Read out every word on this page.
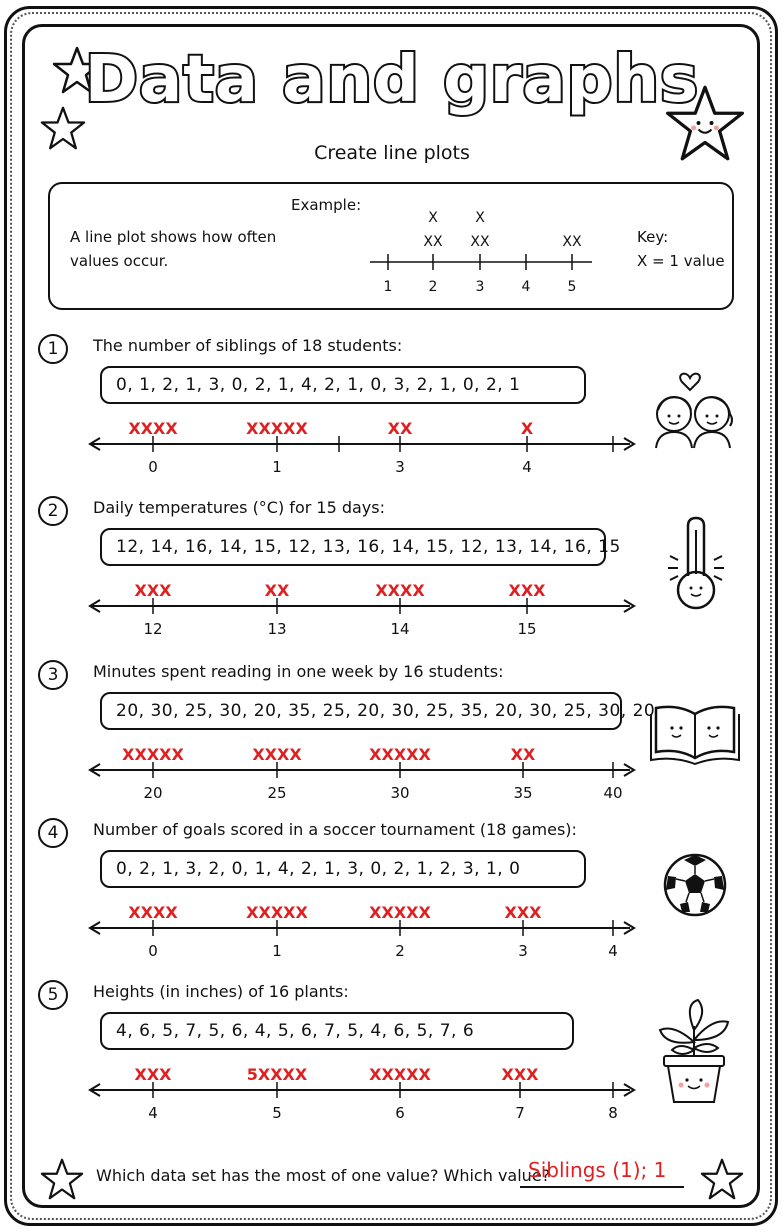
Data and graphs
Create line plots
Example:
A line plot shows how often
values occur.
Key:
X = 1 value
1	2
XX
X
3
XX
X
4	5
XX
1	The number of siblings of 18 students:
0, 1, 2, 1, 3, 0, 2, 1, 4, 2, 1, 0, 3, 2, 1, 0, 2, 1
2	Daily temperatures (°C) for 15 days:
12, 14, 16, 14, 15, 12, 13, 16, 14, 15, 12, 13, 14, 16, 15
3	Minutes spent reading in one week by 16 students:
20, 30, 25, 30, 20, 35, 25, 20, 30, 25, 35, 20, 30, 25, 30, 20
4	Number of goals scored in a soccer tournament (18 games):
0, 2, 1, 3, 2, 0, 1, 4, 2, 1, 3, 0, 2, 1, 2, 3, 1, 0
5	Heights (in inches) of 16 plants:
4, 6, 5, 7, 5, 6, 4, 5, 6, 7, 5, 4, 6, 5, 7, 6
0
XXXX
1
XXXXX
3
XX
4
X
12
XXX
13
XX
14
XXXX
15
XXX
20
XXXXX
25
XXXX
30
XXXXX
35
XX
40
0
XXXX
1
XXXXX
2
XXXXX
3
XXX
4
4
XXX
5
5XXXX
6
XXXXX
7
XXX
8
Which data set has the most of one value? Which value?
Siblings (1); 1
